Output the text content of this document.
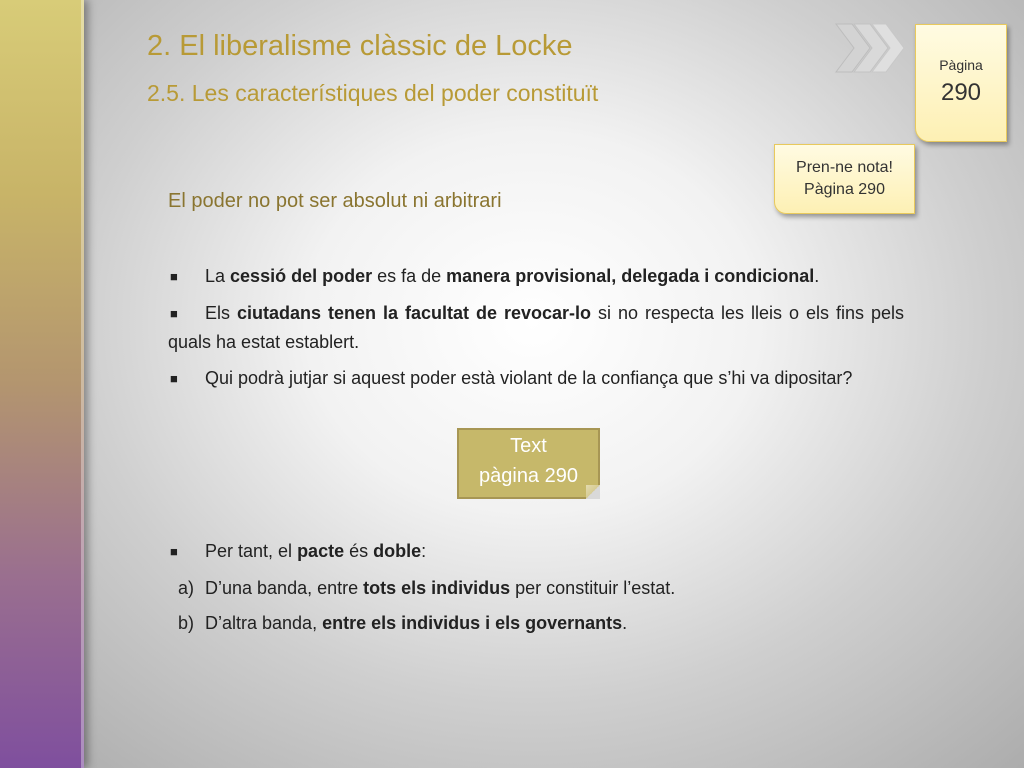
2. El liberalisme clàssic de Locke
2.5. Les característiques del poder constituït
Pàgina
290
Pren-ne nota!
Pàgina 290
El poder no pot ser absolut ni arbitrari
■ La cessió del poder es fa de manera provisional, delegada i condicional.
■ Els ciutadans tenen la facultat de revocar-lo si no respecta les lleis o els fins pels quals ha estat establert.
■ Qui podrà jutjar si aquest poder està violant de la confiança que s’hi va dipositar?
Text
pàgina 290
■ Per tant, el pacte és doble:
a) D’una banda, entre tots els individus per constituir l’estat.
b) D’altra banda, entre els individus i els governants.
